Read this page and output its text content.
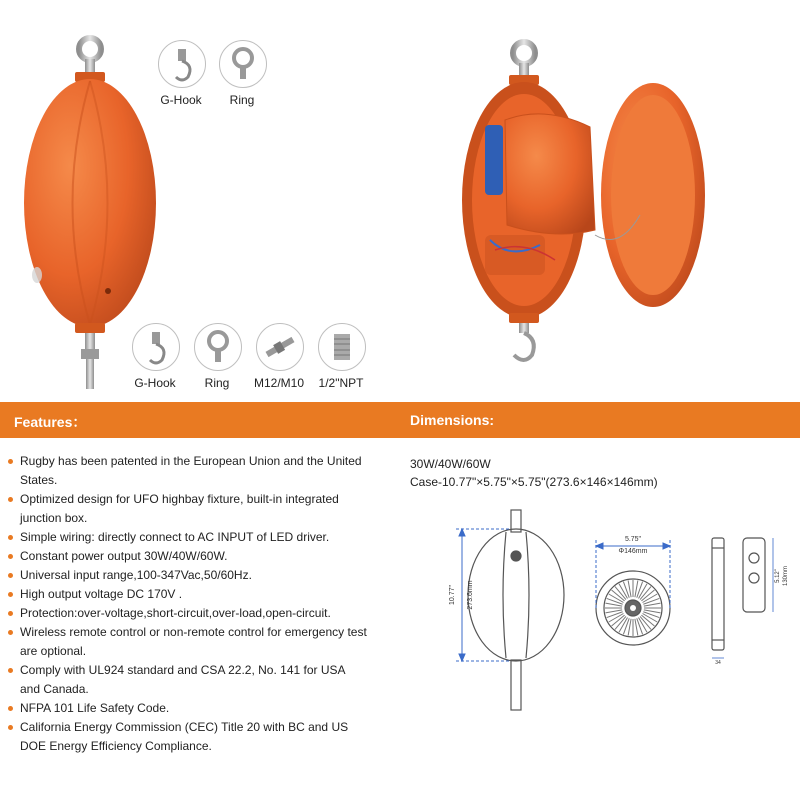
G-Hook	Ring
G-Hook	Ring	M12/M10	1/2"NPT
Features：	Dimensions:
Rugby has been patented in the European Union and the United States.
Optimized design for UFO highbay fixture, built-in integrated junction box.
Simple wiring: directly connect to AC INPUT of LED driver.
Constant power output 30W/40W/60W.
Universal input range,100-347Vac,50/60Hz.
High output voltage DC 170V .
Protection:over-voltage,short-circuit,over-load,open-circuit.
Wireless remote control or non-remote control for emergency test are optional.
Comply with UL924 standard and CSA 22.2, No. 141 for USA and Canada.
NFPA 101 Life Safety Code.
California Energy Commission (CEC) Title 20 with BC and US DOE Energy Efficiency Compliance.
30W/40W/60W
Case-10.77"×5.75"×5.75"(273.6×146×146mm)
10.77" 273.6mm
5.75"
Φ146mm
34
5.12" 130mm
